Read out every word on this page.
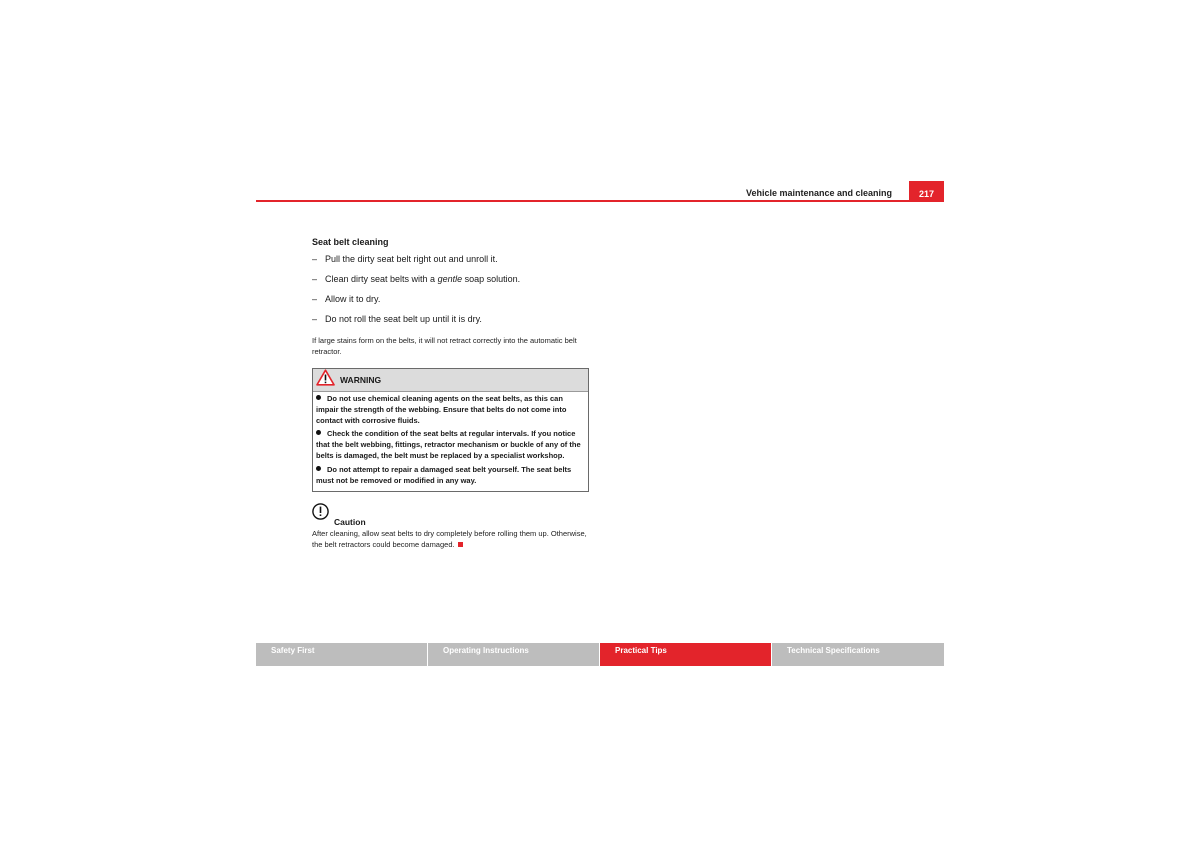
Vehicle maintenance and cleaning	217
Seat belt cleaning
– Pull the dirty seat belt right out and unroll it.
– Clean dirty seat belts with a gentle soap solution.
– Allow it to dry.
– Do not roll the seat belt up until it is dry.
If large stains form on the belts, it will not retract correctly into the automatic belt retractor.
WARNING
Do not use chemical cleaning agents on the seat belts, as this can impair the strength of the webbing. Ensure that belts do not come into contact with corrosive fluids.
Check the condition of the seat belts at regular intervals. If you notice that the belt webbing, fittings, retractor mechanism or buckle of any of the belts is damaged, the belt must be replaced by a specialist workshop.
Do not attempt to repair a damaged seat belt yourself. The seat belts must not be removed or modified in any way.
Caution
After cleaning, allow seat belts to dry completely before rolling them up. Otherwise, the belt retractors could become damaged.
Safety First	Operating Instructions	Practical Tips	Technical Specifications
